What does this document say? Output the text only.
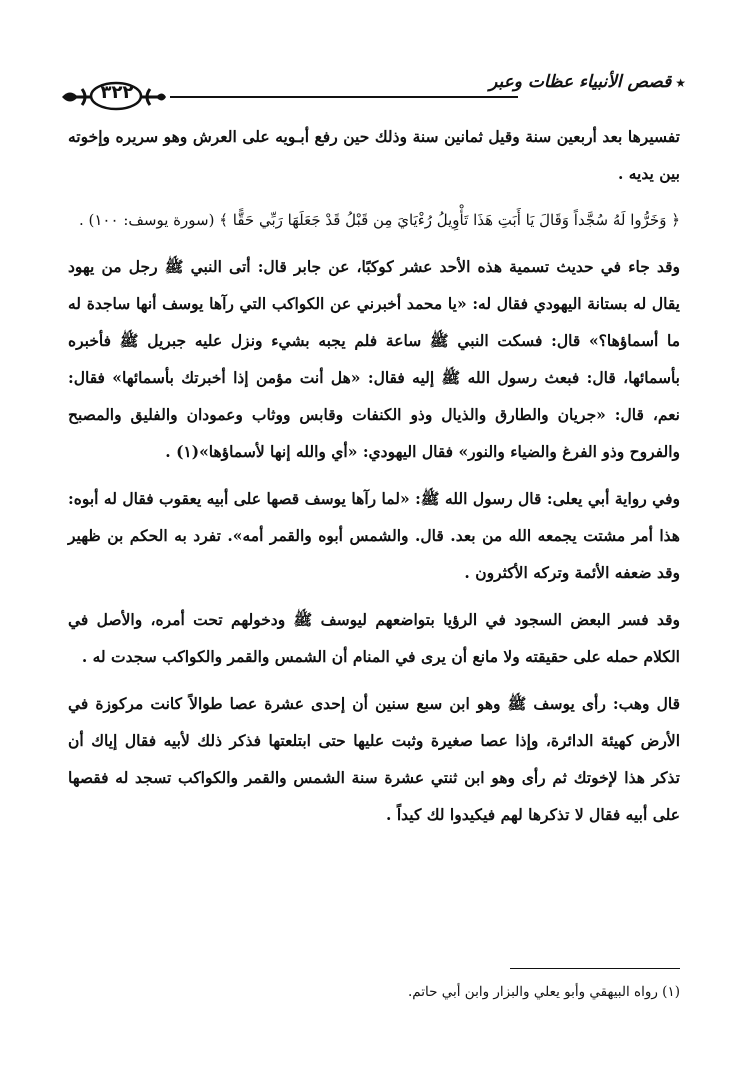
★قصص الأنبياء عظات وعبر
٣٢٢

تفسيرها بعد أربعين سنة وقيل ثمانين سنة وذلك حين رفع أبـويه على العرش وهو سريره وإخوته بين يديه .

﴿ وَخَرُّوا لَهُ سُجَّداً وَقَالَ يَا أَبَتِ هَذَا تَأْوِيلُ رُءْيَايَ مِن قَبْلُ قَدْ جَعَلَهَا رَبِّي حَقًّا ﴾ (سورة يوسف: ١٠٠) .

وقد جاء في حديث تسمية هذه الأحد عشر كوكبًا، عن جابر قال: أتى النبي ﷺ رجل من يهود يقال له بستانة اليهودي فقال له: «يا محمد أخبرني عن الكواكب التي رآها يوسف أنها ساجدة له ما أسماؤها؟» قال: فسكت النبي ﷺ ساعة فلم يجبه بشيء ونزل عليه جبريل ﷺ فأخبره بأسمائها، قال: فبعث رسول الله ﷺ إليه فقال: «هل أنت مؤمن إذا أخبرتك بأسمائها» فقال: نعم، قال: «جريان والطارق والذيال وذو الكنفات وقابس ووثاب وعمودان والفليق والمصبح والفروح وذو الفرغ والضياء والنور» فقال اليهودي: «أي والله إنها لأسماؤها»(١) .

وفي رواية أبي يعلى: قال رسول الله ﷺ: «لما رآها يوسف قصها على أبيه يعقوب فقال له أبوه: هذا أمر مشتت يجمعه الله من بعد. قال. والشمس أبوه والقمر أمه». تفرد به الحكم بن ظهير وقد ضعفه الأئمة وتركه الأكثرون .

وقد فسر البعض السجود في الرؤيا بتواضعهم ليوسف ﷺ ودخولهم تحت أمره، والأصل في الكلام حمله على حقيقته ولا مانع أن يرى في المنام أن الشمس والقمر والكواكب سجدت له .

قال وهب: رأى يوسف ﷺ وهو ابن سبع سنين أن إحدى عشرة عصا طوالاً كانت مركوزة في الأرض كهيئة الدائرة، وإذا عصا صغيرة وثبت عليها حتى ابتلعتها فذكر ذلك لأبيه فقال إياك أن تذكر هذا لإخوتك ثم رأى وهو ابن ثنتي عشرة سنة الشمس والقمر والكواكب تسجد له فقصها على أبيه فقال لا تذكرها لهم فيكيدوا لك كيداً .

(١) رواه البيهقي وأبو يعلي والبزار وابن أبي حاتم.
